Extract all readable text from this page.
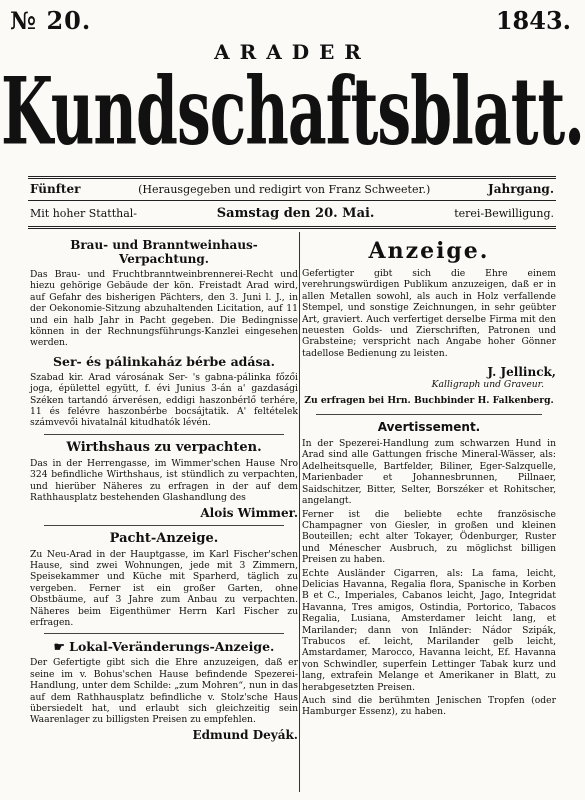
№ 20.	1843.
ARADER
Kundschaftsblatt.
Fünfter	(Herausgegeben und redigirt von Franz Schweeter.)	Jahrgang.
Mit hoher Statthal-	Samstag den 20. Mai.	terei-Bewilligung.
Brau- und Branntweinhaus-Verpachtung.

Das Brau- und Fruchtbranntweinbrennerei-Recht und hiezu gehörige Gebäude der kön. Freistadt Arad wird, auf Gefahr des bisherigen Pächters, den 3. Juni l. J., in der Oekonomie-Sitzung abzuhaltenden Licitation, auf 11 und ein halb Jahr in Pacht gegeben. Die Bedingnisse können in der Rechnungsführungs-Kanzlei eingesehen werden.

Ser- és pálinkaház bérbe adása.

Szabad kir. Arad városának Ser- 's gabna-pálinka főzői joga, épülettel együtt, f. évi Junius 3-án a' gazdasági Széken tartandó árverésen, eddigi haszonbérlő terhére, 11 és felévre haszonbérbe bocsájtatik. A' feltételek számvevői hivatalnál kitudhatók lévén.

Wirthshaus zu verpachten.

Das in der Herrengasse, im Wimmer'schen Hause Nro 324 befindliche Wirthshaus, ist stündlich zu verpachten, und hierüber Näheres zu erfragen in der auf dem Rathhausplatz bestehenden Glashandlung des

Alois Wimmer.

Pacht-Anzeige.

Zu Neu-Arad in der Hauptgasse, im Karl Fischer'schen Hause, sind zwei Wohnungen, jede mit 3 Zimmern, Speisekammer und Küche mit Sparherd, täglich zu vergeben. Ferner ist ein großer Garten, ohne Obstbäume, auf 3 Jahre zum Anbau zu verpachten. Näheres beim Eigenthümer Herrn Karl Fischer zu erfragen.

☛ Lokal-Veränderungs-Anzeige.

Der Gefertigte gibt sich die Ehre anzuzeigen, daß er seine im v. Bohus'schen Hause befindende Spezerei-Handlung, unter dem Schilde: „zum Mohren“, nun in das auf dem Rathhausplatz befindliche v. Stolz'sche Haus übersiedelt hat, und erlaubt sich gleichzeitig sein Waarenlager zu billigsten Preisen zu empfehlen.

Edmund Deyák.

Anzeige.

Gefertigter gibt sich die Ehre einem verehrungswürdigen Publikum anzuzeigen, daß er in allen Metallen sowohl, als auch in Holz verfallende Stempel, und sonstige Zeichnungen, in sehr geübter Art, graviert. Auch verfertiget derselbe Firma mit den neuesten Golds- und Zierschriften, Patronen und Grabsteine; verspricht nach Angabe hoher Gönner tadellose Bedienung zu leisten.

J. Jellinck,

Kalligraph und Graveur.

Zu erfragen bei Hrn. Buchbinder H. Falkenberg.

Avertissement.

In der Spezerei-Handlung zum schwarzen Hund in Arad sind alle Gattungen frische Mineral-Wässer, als: Adelheitsquelle, Bartfelder, Biliner, Eger-Salzquelle, Marienbader et Johannesbrunnen, Pillnaer, Saidschitzer, Bitter, Selter, Borszéker et Rohitscher, angelangt.

Ferner ist die beliebte echte französische Champagner von Giesler, in großen und kleinen Bouteillen; echt alter Tokayer, Ödenburger, Ruster und Ménescher Ausbruch, zu möglichst billigen Preisen zu haben.

Echte Ausländer Cigarren, als: La fama, leicht, Delicias Havanna, Regalia flora, Spanische in Korben B et C., Imperiales, Cabanos leicht, Jago, Integridat Havanna, Tres amigos, Ostindia, Portorico, Tabacos Regalia, Lusiana, Amsterdamer leicht lang, et Marilander; dann von Inländer: Nádor Szipák, Trabucos ef. leicht, Marilander gelb leicht, Amstardamer, Marocco, Havanna leicht, Ef. Havanna von Schwindler, superfein Lettinger Tabak kurz und lang, extrafein Melange et Amerikaner in Blatt, zu herabgesetzten Preisen.

Auch sind die berühmten Jenischen Tropfen (oder Hamburger Essenz), zu haben.
